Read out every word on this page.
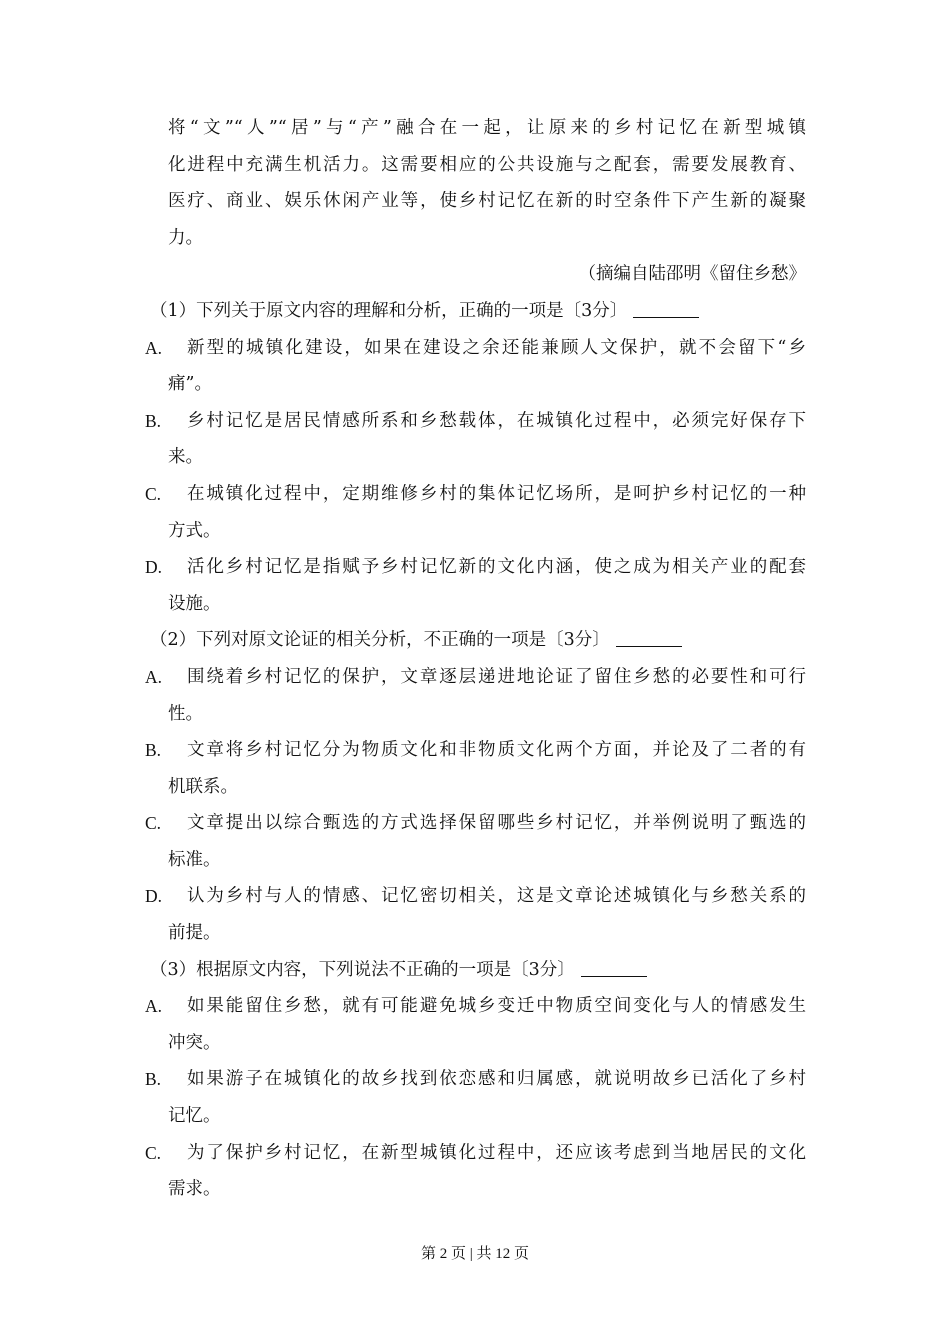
将“文”“人”“居”与“产”融合在一起，让原来的乡村记忆在新型城镇
化进程中充满生机活力。这需要相应的公共设施与之配套，需要发展教育、
医疗、商业、娱乐休闲产业等，使乡村记忆在新的时空条件下产生新的凝聚
力。
（摘编自陆邵明《留住乡愁》
（1）下列关于原文内容的理解和分析，正确的一项是〔3分〕
A. 新型的城镇化建设，如果在建设之余还能兼顾人文保护，就不会留下“乡
痛”。
B. 乡村记忆是居民情感所系和乡愁载体，在城镇化过程中，必须完好保存下
来。
C. 在城镇化过程中，定期维修乡村的集体记忆场所，是呵护乡村记忆的一种
方式。
D. 活化乡村记忆是指赋予乡村记忆新的文化内涵，使之成为相关产业的配套
设施。
（2）下列对原文论证的相关分析，不正确的一项是〔3分〕
A. 围绕着乡村记忆的保护，文章逐层递进地论证了留住乡愁的必要性和可行
性。
B. 文章将乡村记忆分为物质文化和非物质文化两个方面，并论及了二者的有
机联系。
C. 文章提出以综合甄选的方式选择保留哪些乡村记忆，并举例说明了甄选的
标准。
D. 认为乡村与人的情感、记忆密切相关，这是文章论述城镇化与乡愁关系的
前提。
（3）根据原文内容，下列说法不正确的一项是〔3分〕
A. 如果能留住乡愁，就有可能避免城乡变迁中物质空间变化与人的情感发生
冲突。
B. 如果游子在城镇化的故乡找到依恋感和归属感，就说明故乡已活化了乡村
记忆。
C. 为了保护乡村记忆，在新型城镇化过程中，还应该考虑到当地居民的文化
需求。
第 2 页 | 共 12 页
